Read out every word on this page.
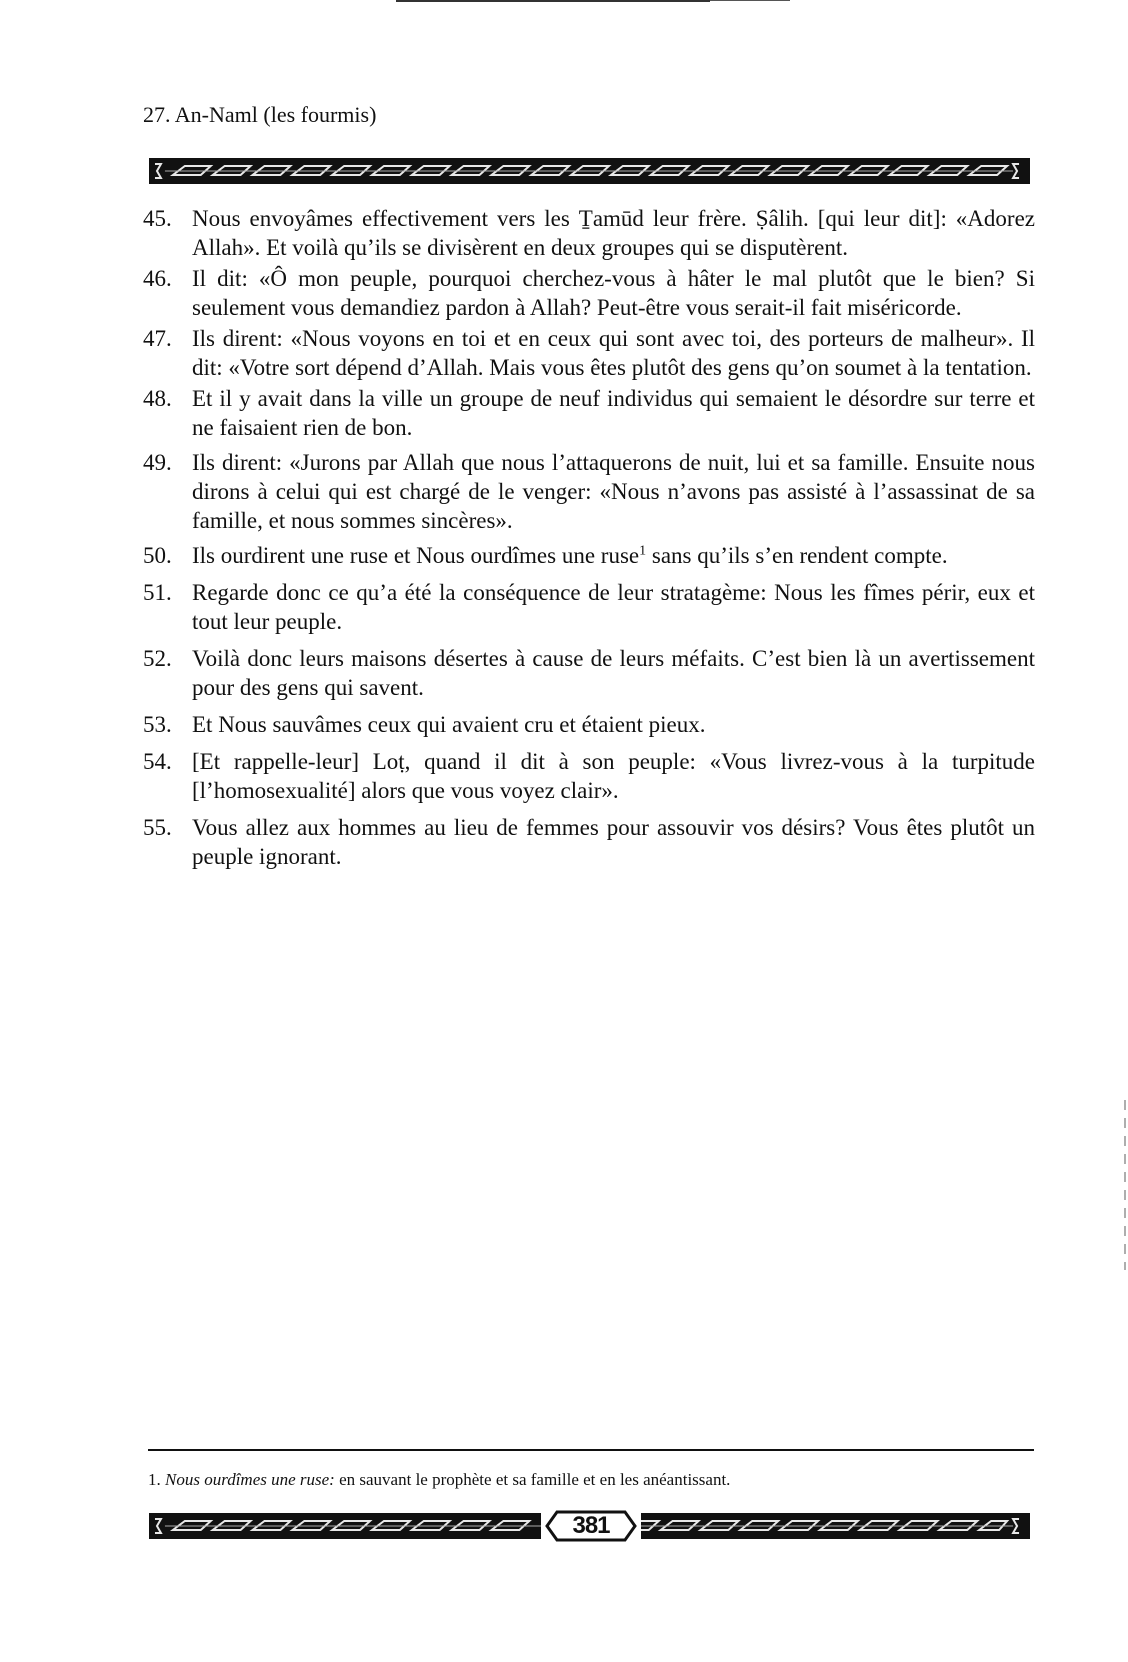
27. An-Naml (les fourmis)

45. Nous envoyâmes effectivement vers les Ṯamūd leur frère. Ṣâlih. [qui leur dit]: «Adorez Allah». Et voilà qu’ils se divisèrent en deux groupes qui se disputèrent.

46. Il dit: «Ô mon peuple, pourquoi cherchez-vous à hâter le mal plutôt que le bien? Si seulement vous demandiez pardon à Allah? Peut-être vous serait-il fait miséricorde.

47. Ils dirent: «Nous voyons en toi et en ceux qui sont avec toi, des porteurs de malheur». Il dit: «Votre sort dépend d’Allah. Mais vous êtes plutôt des gens qu’on soumet à la tentation.

48. Et il y avait dans la ville un groupe de neuf individus qui semaient le désordre sur terre et ne faisaient rien de bon.

49. Ils dirent: «Jurons par Allah que nous l’attaquerons de nuit, lui et sa famille. Ensuite nous dirons à celui qui est chargé de le venger: «Nous n’avons pas assisté à l’assassinat de sa famille, et nous sommes sincères».

50. Ils ourdirent une ruse et Nous ourdîmes une ruse$^1$ sans qu’ils s’en rendent compte.

51. Regarde donc ce qu’a été la conséquence de leur stratagème: Nous les fîmes périr, eux et tout leur peuple.

52. Voilà donc leurs maisons désertes à cause de leurs méfaits. C’est bien là un avertissement pour des gens qui savent.

53. Et Nous sauvâmes ceux qui avaient cru et étaient pieux.

54. [Et rappelle-leur] Loṭ, quand il dit à son peuple: «Vous livrez-vous à la turpitude [l’homosexualité] alors que vous voyez clair».

55. Vous allez aux hommes au lieu de femmes pour assouvir vos désirs? Vous êtes plutôt un peuple ignorant.

1. Nous ourdîmes une ruse: en sauvant le prophète et sa famille et en les anéantissant.
381
